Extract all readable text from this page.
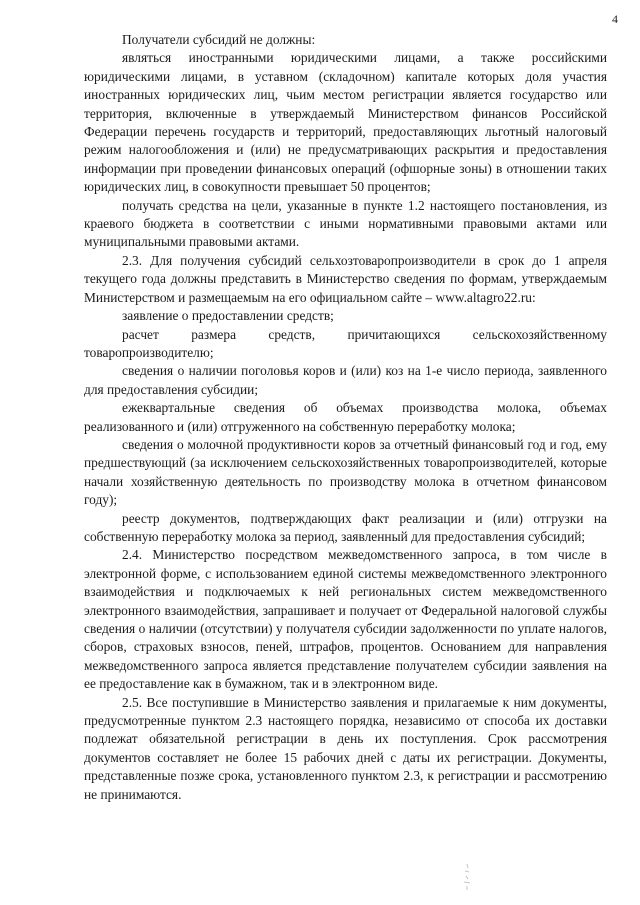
4

Получатели субсидий не должны:

являться иностранными юридическими лицами, а также российскими юридическими лицами, в уставном (складочном) капитале которых доля участия иностранных юридических лиц, чьим местом регистрации является государство или территория, включенные в утверждаемый Министерством финансов Российской Федерации перечень государств и территорий, предоставляющих льготный налоговый режим налогообложения и (или) не предусматривающих раскрытия и предоставления информации при проведении финансовых операций (офшорные зоны) в отношении таких юридических лиц, в совокупности превышает 50 процентов;

получать средства на цели, указанные в пункте 1.2 настоящего постановления, из краевого бюджета в соответствии с иными нормативными правовыми актами или муниципальными правовыми актами.

2.3. Для получения субсидий сельхозтоваропроизводители в срок до 1 апреля текущего года должны представить в Министерство сведения по формам, утверждаемым Министерством и размещаемым на его официальном сайте – www.altagro22.ru:

заявление о предоставлении средств;

расчет размера средств, причитающихся сельскохозяйственному товаропроизводителю;

сведения о наличии поголовья коров и (или) коз на 1-е число периода, заявленного для предоставления субсидии;

ежеквартальные сведения об объемах производства молока, объемах реализованного и (или) отгруженного на собственную переработку молока;

сведения о молочной продуктивности коров за отчетный финансовый год и год, ему предшествующий (за исключением сельскохозяйственных товаропроизводителей, которые начали хозяйственную деятельность по производству молока в отчетном финансовом году);

реестр документов, подтверждающих факт реализации и (или) отгрузки на собственную переработку молока за период, заявленный для предоставления субсидий;

2.4. Министерство посредством межведомственного запроса, в том числе в электронной форме, с использованием единой системы межведомственного электронного взаимодействия и подключаемых к ней региональных систем межведомственного электронного взаимодействия, запрашивает и получает от Федеральной налоговой службы сведения о наличии (отсутствии) у получателя субсидии задолженности по уплате налогов, сборов, страховых взносов, пеней, штрафов, процентов. Основанием для направления межведомственного запроса является представление получателем субсидии заявления на ее предоставление как в бумажном, так и в электронном виде.

2.5. Все поступившие в Министерство заявления и прилагаемые к ним документы, предусмотренные пунктом 2.3 настоящего порядка, независимо от способа их доставки подлежат обязательной регистрации в день их поступления. Срок рассмотрения документов составляет не более 15 рабочих дней с даты их регистрации. Документы, представленные позже срока, установленного пунктом 2.3, к регистрации и рассмотрению не принимаются.
